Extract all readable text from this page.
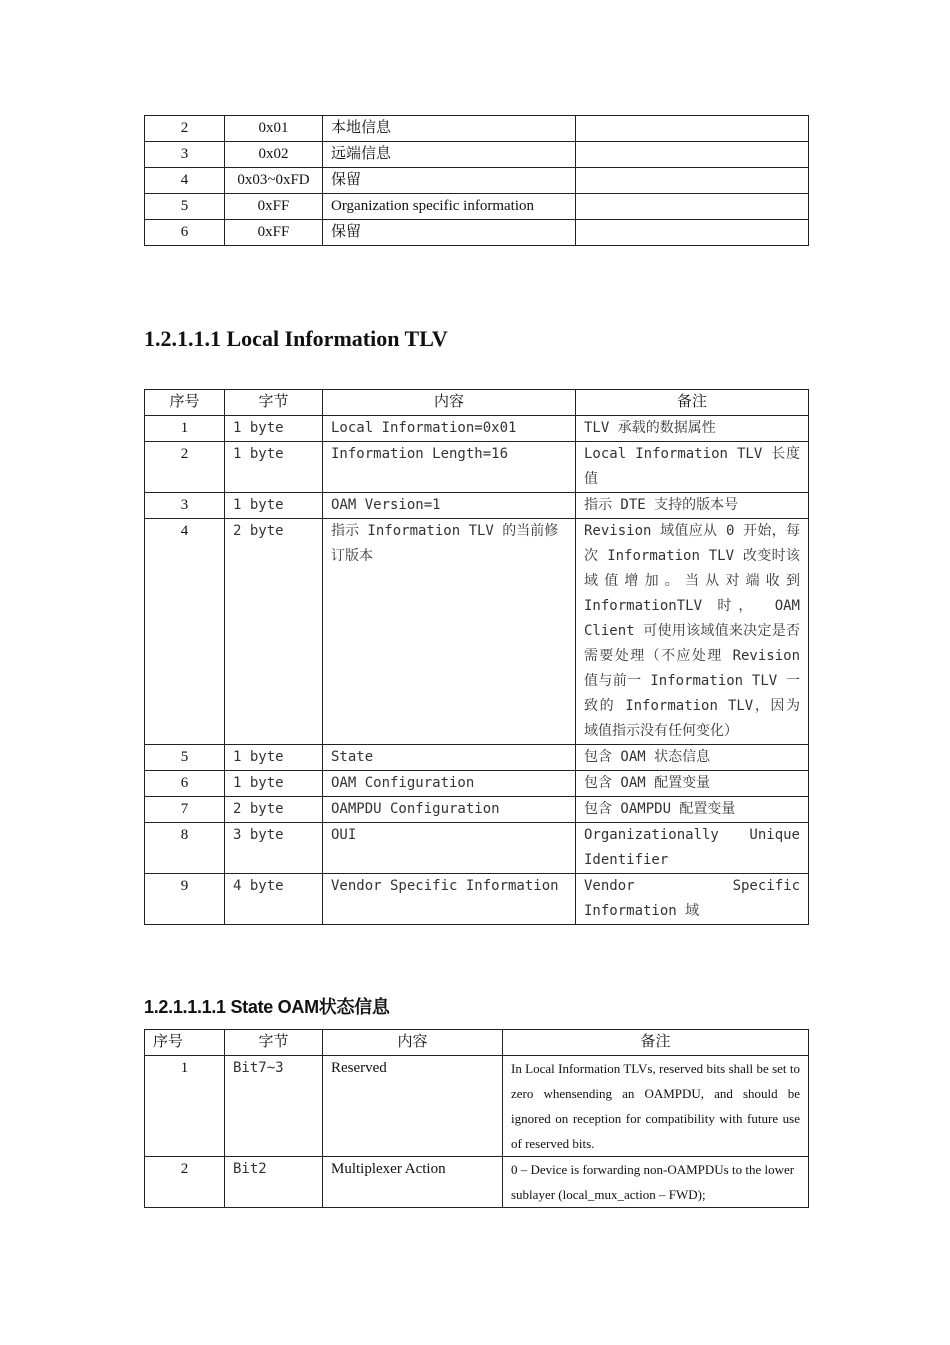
2	0x01	本地信息	
3	0x02	远端信息	
4	0x03~0xFD	保留	
5	0xFF	Organization specific information	
6	0xFF	保留	
1.2.1.1.1 Local Information TLV
序号	字节	内容	备注
1	1 byte	Local Information=0x01	TLV 承载的数据属性
2	1 byte	Information Length=16	Local Information TLV 长度值
3	1 byte	OAM Version=1	指示 DTE 支持的版本号
4	2 byte	指示 Information TLV 的当前修订版本	Revision 域值应从 0 开始，每次 Information TLV 改变时该域值增加。当从对端收到 InformationTLV 时， OAM Client 可使用该域值来决定是否需要处理（不应处理 Revision 值与前一 Information TLV 一致的 Information TLV，因为域值指示没有任何变化）
5	1 byte	State	包含 OAM 状态信息
6	1 byte	OAM Configuration	包含 OAM 配置变量
7	2 byte	OAMPDU Configuration	包含 OAMPDU 配置变量
8	3 byte	OUI	Organizationally Unique Identifier
9	4 byte	Vendor Specific Information	Vendor Specific Information 域
1.2.1.1.1.1 State OAM状态信息
序号	字节	内容	备注
1	Bit7~3	Reserved	In Local Information TLVs, reserved bits shall be set to zero whensending an OAMPDU, and should be ignored on reception for compatibility with future use of reserved bits.
2	Bit2	Multiplexer Action	0 – Device is forwarding non-OAMPDUs to the lower sublayer (local_mux_action – FWD);
